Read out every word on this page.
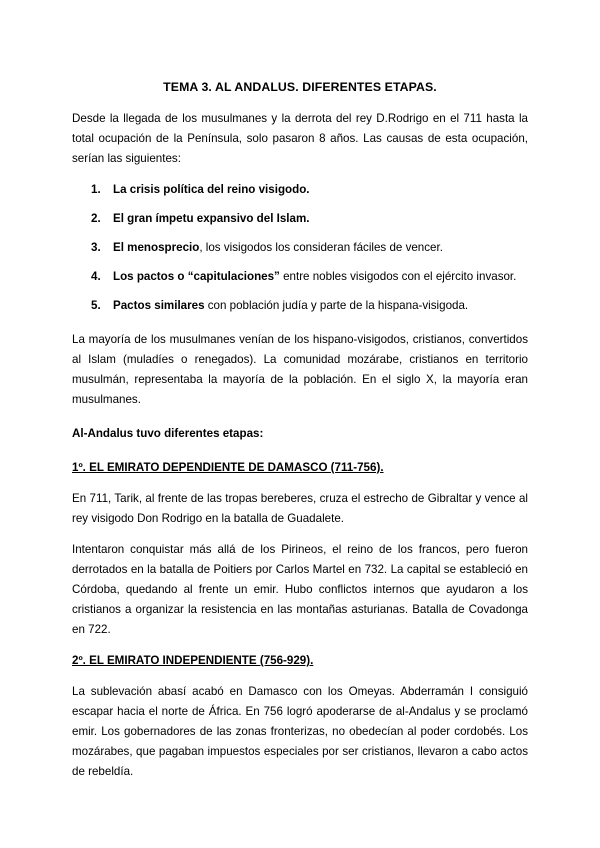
TEMA 3. AL ANDALUS. DIFERENTES ETAPAS.

Desde la llegada de los musulmanes y la derrota del rey D.Rodrigo en el 711 hasta la total ocupación de la Península, solo pasaron 8 años. Las causas de esta ocupación, serían las siguientes:

1.	La crisis política del reino visigodo.
2.	El gran ímpetu expansivo del Islam.
3.	El menosprecio, los visigodos los consideran fáciles de vencer.
4.	Los pactos o “capitulaciones” entre nobles visigodos con el ejército invasor.
5.	Pactos similares con población judía y parte de la hispana-visigoda.

La mayoría de los musulmanes venían de los hispano-visigodos, cristianos, convertidos al Islam (muladíes o renegados). La comunidad mozárabe, cristianos en territorio musulmán, representaba la mayoría de la población. En el siglo X, la mayoría eran musulmanes.

Al-Andalus tuvo diferentes etapas:
1º. EL EMIRATO DEPENDIENTE DE DAMASCO (711-756).

En 711, Tarik, al frente de las tropas bereberes, cruza el estrecho de Gibraltar y vence al rey visigodo Don Rodrigo en la batalla de Guadalete.

Intentaron conquistar más allá de los Pirineos, el reino de los francos, pero fueron derrotados en la batalla de Poitiers por Carlos Martel en 732. La capital se estableció en Córdoba, quedando al frente un emir. Hubo conflictos internos que ayudaron a los cristianos a organizar la resistencia en las montañas asturianas. Batalla de Covadonga en 722.

2º. EL EMIRATO INDEPENDIENTE (756-929).

La sublevación abasí acabó en Damasco con los Omeyas. Abderramán I consiguió escapar hacia el norte de África. En 756 logró apoderarse de al-Andalus y se proclamó emir. Los gobernadores de las zonas fronterizas, no obedecían al poder cordobés. Los mozárabes, que pagaban impuestos especiales por ser cristianos, llevaron a cabo actos de rebeldía.
